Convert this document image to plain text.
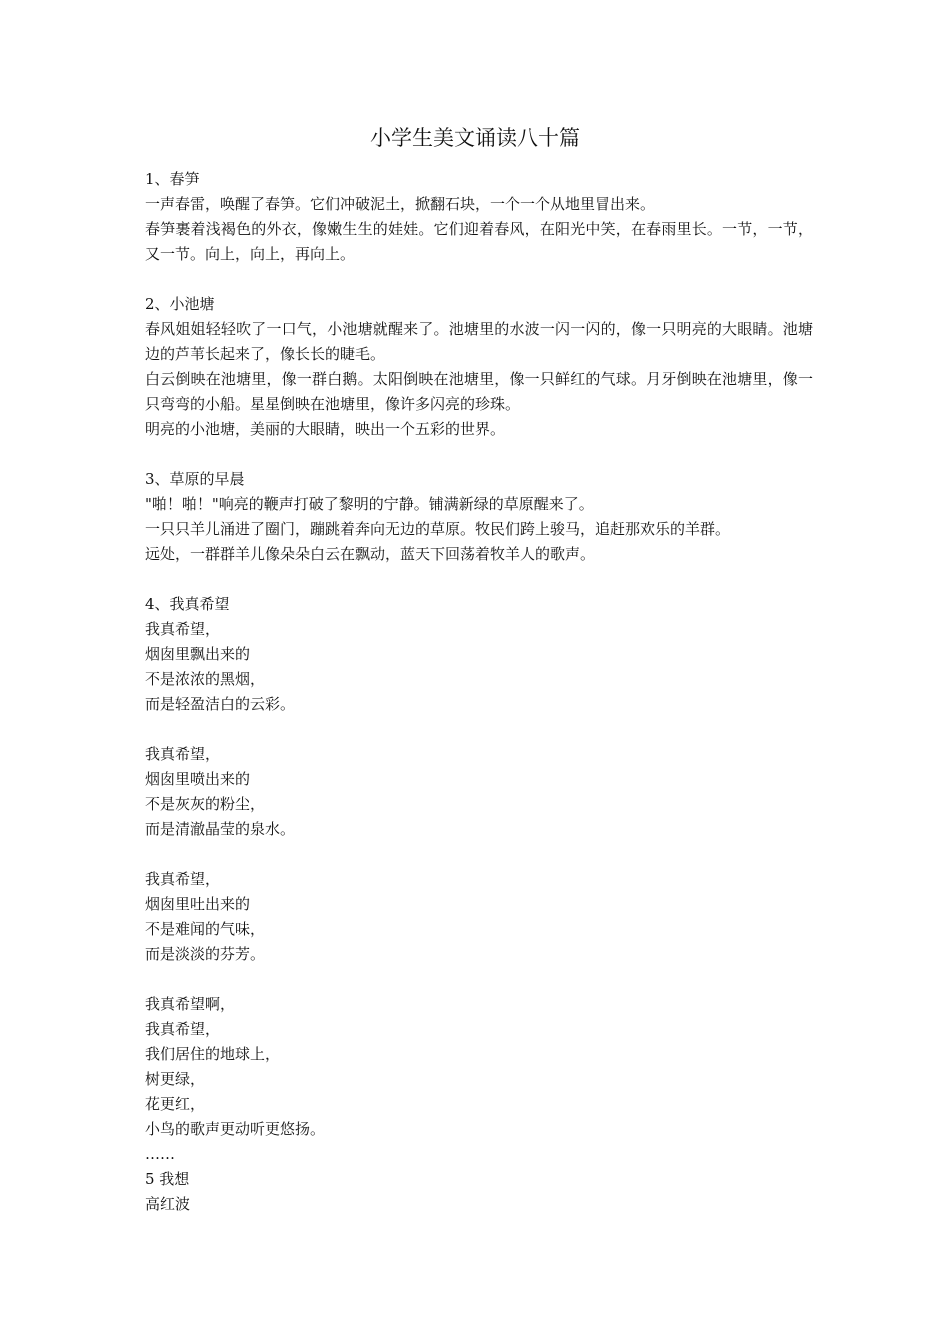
小学生美文诵读八十篇

1、春笋

一声春雷，唤醒了春笋。它们冲破泥土，掀翻石块，一个一个从地里冒出来。

春笋裹着浅褐色的外衣，像嫩生生的娃娃。它们迎着春风，在阳光中笑，在春雨里长。一节，一节，又一节。向上，向上，再向上。

2、小池塘

春风姐姐轻轻吹了一口气，小池塘就醒来了。池塘里的水波一闪一闪的，像一只明亮的大眼睛。池塘边的芦苇长起来了，像长长的睫毛。

白云倒映在池塘里，像一群白鹅。太阳倒映在池塘里，像一只鲜红的气球。月牙倒映在池塘里，像一只弯弯的小船。星星倒映在池塘里，像许多闪亮的珍珠。

明亮的小池塘，美丽的大眼睛，映出一个五彩的世界。

3、草原的早晨

"啪！啪！"响亮的鞭声打破了黎明的宁静。铺满新绿的草原醒来了。

一只只羊儿涌进了圈门，蹦跳着奔向无边的草原。牧民们跨上骏马，追赶那欢乐的羊群。

远处，一群群羊儿像朵朵白云在飘动，蓝天下回荡着牧羊人的歌声。

4、我真希望

我真希望，

烟囱里飘出来的

不是浓浓的黑烟，

而是轻盈洁白的云彩。

我真希望，

烟囱里喷出来的

不是灰灰的粉尘，

而是清澈晶莹的泉水。

我真希望，

烟囱里吐出来的

不是难闻的气味，

而是淡淡的芬芳。

我真希望啊，

我真希望，

我们居住的地球上，

树更绿，

花更红，

小鸟的歌声更动听更悠扬。

……

5 我想

高红波
